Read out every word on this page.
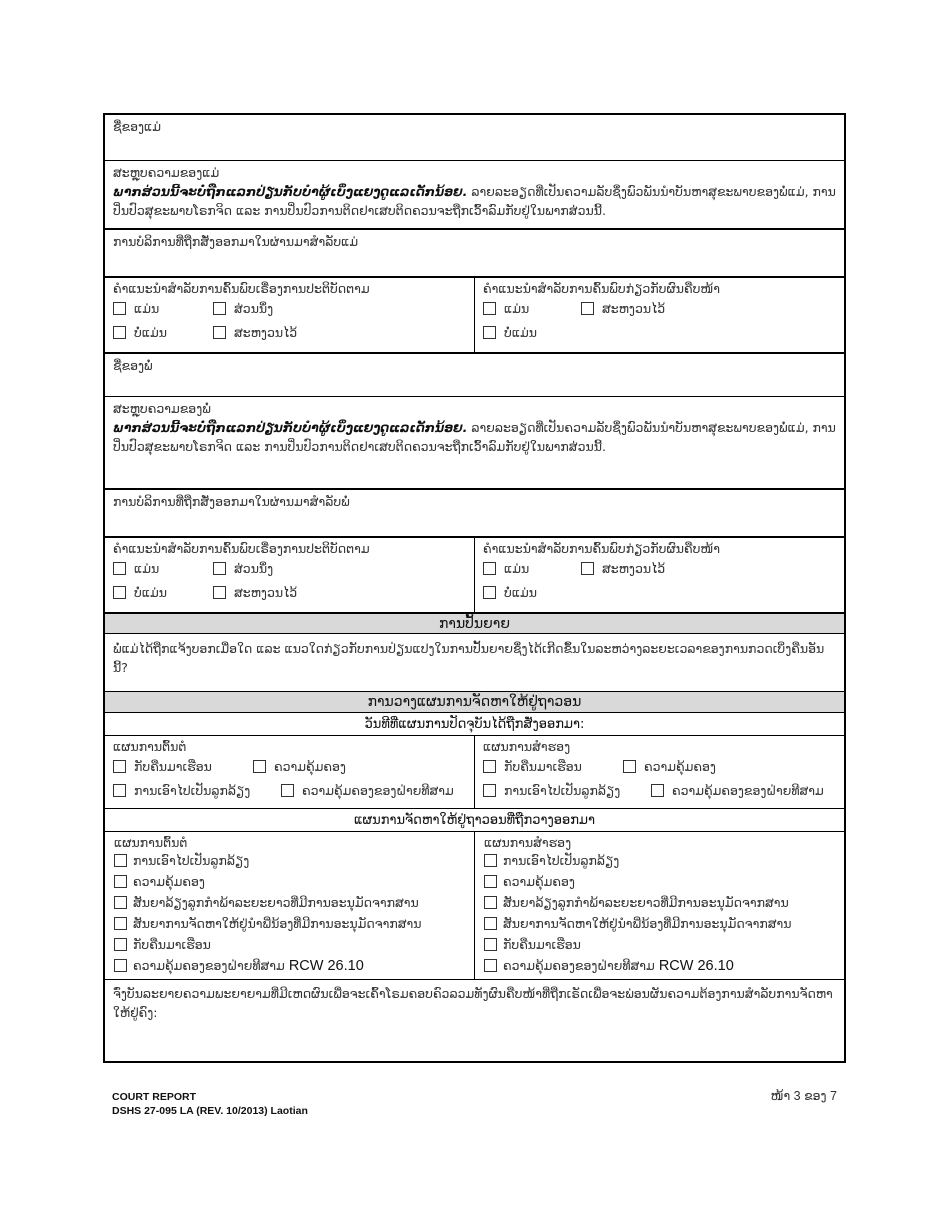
ຊື່ຂອງແມ່
ສະຫຼຸບຄວາມຂອງແມ່
ພາກສ່ວນນີ້ຈະບໍ່ຖືກແລກປ່ຽນກັບບຳຜູ້ເບິ່ງແຍງດູແລເດັກນ້ອຍ. ລາຍລະອຽດທີ່ເປັນຄວາມລັບຊຶ່ງພົວພັນນຳບັນຫາສຸຂະພາບຂອງພໍ່ແມ່, ການປິ່ນປົວສຸຂະພາບໂຣກຈິດ ແລະ ການປິ່ນປົວການຕິດຢາເສບຕິດຄວນຈະຖືກເວົ້າລົມກັບຢູ່ໃນພາກສ່ວນນີ້.
ການບໍລິການທີ່ຖືກສັ່ງອອກມາໃນຜ່ານມາສຳລັບແມ່
ຄຳແນະນຳສຳລັບການຄົ້ນພົບເຣື່ອງການປະຕິບັດຕາມ
ແມ່ນ	ສ່ວນນຶ່ງ
ບໍ່ແມ່ນ	ສະຫງວນໄວ້
ຄຳແນະນຳສຳລັບການຄົ້ນພົບກ່ຽວກັບຜົນຄືບໜ້າ
ແມ່ນ	ສະຫງວນໄວ້
ບໍ່ແມ່ນ
ຊື່ຂອງພໍ່
ສະຫຼຸບຄວາມຂອງພໍ່
ພາກສ່ວນນີ້ຈະບໍ່ຖືກແລກປ່ຽນກັບບຳຜູ້ເບິ່ງແຍງດູແລເດັກນ້ອຍ. ລາຍລະອຽດທີ່ເປັນຄວາມລັບຊຶ່ງພົວພັນນຳບັນຫາສຸຂະພາບຂອງພໍ່ແມ່, ການປິ່ນປົວສຸຂະພາບໂຣກຈິດ ແລະ ການປິ່ນປົວການຕິດຢາເສບຕິດຄວນຈະຖືກເວົ້າລົມກັບຢູ່ໃນພາກສ່ວນນີ້.
ການບໍລິການທີ່ຖືກສັ່ງອອກມາໃນຜ່ານມາສຳລັບພໍ່
ຄຳແນະນຳສຳລັບການຄົ້ນພົບເຣື່ອງການປະຕິບັດຕາມ
ແມ່ນ	ສ່ວນນຶ່ງ
ບໍ່ແມ່ນ	ສະຫງວນໄວ້
ຄຳແນະນຳສຳລັບການຄົ້ນພົບກ່ຽວກັບຜົນຄືບໜ້າ
ແມ່ນ	ສະຫງວນໄວ້
ບໍ່ແມ່ນ
ການປັ້ນຍາຍ
ພໍ່ແມ່ໄດ້ຖືກແຈ້ງບອກເມື່ອໃດ ແລະ ແນວໃດກ່ຽວກັບການປ່ຽນແປງໃນການປັ້ນຍາຍຊຶ່ງໄດ້ເກີດຂຶ້ນໃນລະຫວ່າງລະຍະເວລາຂອງການກວດເບິ່ງຄືນອັນນີ້?
ການວາງແຜນການຈັດຫາໃຫ້ຢູ່ຖາວອນ
ວັນທີທີ່ແຜນການປັດຈຸບັນໄດ້ຖືກສັ່ງອອກມາ:
ແຜນການຕົ້ນຕໍ
ກັບຄືນມາເຮືອນ	ຄວາມຄຸ້ມຄອງ
ການເອົາໄປເປັນລູກລ້ຽງ	ຄວາມຄຸ້ມຄອງຂອງຝ່າຍທີສາມ
ແຜນການສຳຮອງ
ກັບຄືນມາເຮືອນ	ຄວາມຄຸ້ມຄອງ
ການເອົາໄປເປັນລູກລ້ຽງ	ຄວາມຄຸ້ມຄອງຂອງຝ່າຍທີສາມ
ແຜນການຈັດຫາໃຫ້ຢູ່ຖາວອນທີ່ຖືກວາງອອກມາ
ແຜນການຕົ້ນຕໍ
ການເອົາໄປເປັນລູກລ້ຽງ
ຄວາມຄຸ້ມຄອງ
ສັນຍາລ້ຽງລູກກຳພ້າລະຍະຍາວທີ່ມີການອະນຸມັດຈາກສານ
ສັນຍາການຈັດຫາໃຫ້ຢູ່ນຳພີ່ນ້ອງທີ່ມີການອະນຸມັດຈາກສານ
ກັບຄືນມາເຮືອນ
ຄວາມຄຸ້ມຄອງຂອງຝ່າຍທີສາມ RCW 26.10
ແຜນການສຳຮອງ
ການເອົາໄປເປັນລູກລ້ຽງ
ຄວາມຄຸ້ມຄອງ
ສັນຍາລ້ຽງລູກກຳພ້າລະຍະຍາວທີ່ມີການອະນຸມັດຈາກສານ
ສັນຍາການຈັດຫາໃຫ້ຢູ່ນຳພີ່ນ້ອງທີ່ມີການອະນຸມັດຈາກສານ
ກັບຄືນມາເຮືອນ
ຄວາມຄຸ້ມຄອງຂອງຝ່າຍທີສາມ RCW 26.10
ຈົ່ງບັນລະຍາຍຄວາມພະຍາຍາມທີ່ມີເຫດຜົນເພື່ອຈະເຄົ້າໂຣມຄອບຄົວລວມທັງຜົນຄືບໜ້າທີ່ຖືກເຣັດເພື່ອຈະພ່ອນຜັນຄວາມຕ້ອງການສຳລັບການຈັດຫາໃຫ້ຢູ່ຄົງ:
COURT REPORT
DSHS 27-095 LA (REV. 10/2013) Laotian
ໜ້າ 3 ຂອງ 7
